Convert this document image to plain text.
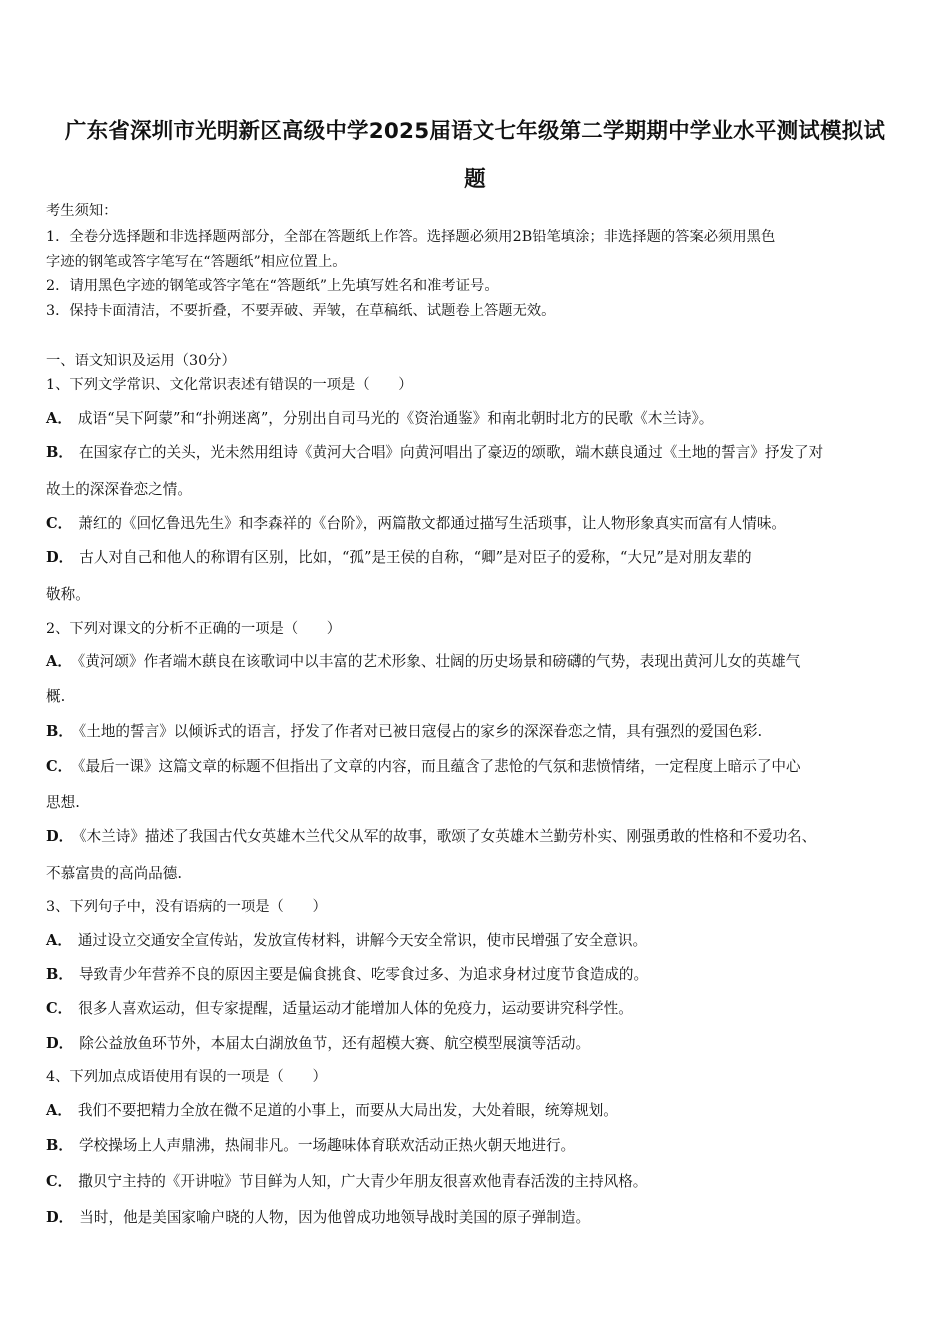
广东省深圳市光明新区高级中学2025届语文七年级第二学期期中学业水平测试模拟试
题
考生须知：
1．全卷分选择题和非选择题两部分，全部在答题纸上作答。选择题必须用2B铅笔填涂；非选择题的答案必须用黑色
字迹的钢笔或答字笔写在“答题纸”相应位置上。
2．请用黑色字迹的钢笔或答字笔在“答题纸”上先填写姓名和准考证号。
3．保持卡面清洁，不要折叠，不要弄破、弄皱，在草稿纸、试题卷上答题无效。
一、语文知识及运用（30分）
1、下列文学常识、文化常识表述有错误的一项是（　　）
A． 成语“吴下阿蒙”和“扑朔迷离”，分别出自司马光的《资治通鉴》和南北朝时北方的民歌《木兰诗》。
B． 在国家存亡的关头，光未然用组诗《黄河大合唱》向黄河唱出了豪迈的颂歌，端木蕻良通过《土地的誓言》抒发了对
故土的深深眷恋之情。
C． 萧红的《回忆鲁迅先生》和李森祥的《台阶》，两篇散文都通过描写生活琐事，让人物形象真实而富有人情味。
D． 古人对自己和他人的称谓有区别，比如，“孤”是王侯的自称，“卿”是对臣子的爱称，“大兄”是对朋友辈的
敬称。
2、下列对课文的分析不正确的一项是（　　）
A． 《黄河颂》作者端木蕻良在该歌词中以丰富的艺术形象、壮阔的历史场景和磅礴的气势，表现出黄河儿女的英雄气
概.
B． 《土地的誓言》以倾诉式的语言，抒发了作者对已被日寇侵占的家乡的深深眷恋之情，具有强烈的爱国色彩.
C． 《最后一课》这篇文章的标题不但指出了文章的内容，而且蕴含了悲怆的气氛和悲愤情绪，一定程度上暗示了中心
思想.
D． 《木兰诗》描述了我国古代女英雄木兰代父从军的故事，歌颂了女英雄木兰勤劳朴实、刚强勇敢的性格和不爱功名、
不慕富贵的高尚品德.
3、下列句子中，没有语病的一项是（　　）
A． 通过设立交通安全宣传站，发放宣传材料，讲解今天安全常识，使市民增强了安全意识。
B． 导致青少年营养不良的原因主要是偏食挑食、吃零食过多、为追求身材过度节食造成的。
C． 很多人喜欢运动，但专家提醒，适量运动才能增加人体的免疫力，运动要讲究科学性。
D． 除公益放鱼环节外，本届太白湖放鱼节，还有超模大赛、航空模型展演等活动。
4、下列加点成语使用有误的一项是（　　）
A． 我们不要把精力全放在微不足道的小事上，而要从大局出发，大处着眼，统筹规划。
B． 学校操场上人声鼎沸，热闹非凡。一场趣味体育联欢活动正热火朝天地进行。
C． 撒贝宁主持的《开讲啦》节目鲜为人知，广大青少年朋友很喜欢他青春活泼的主持风格。
D． 当时，他是美国家喻户晓的人物，因为他曾成功地领导战时美国的原子弹制造。
